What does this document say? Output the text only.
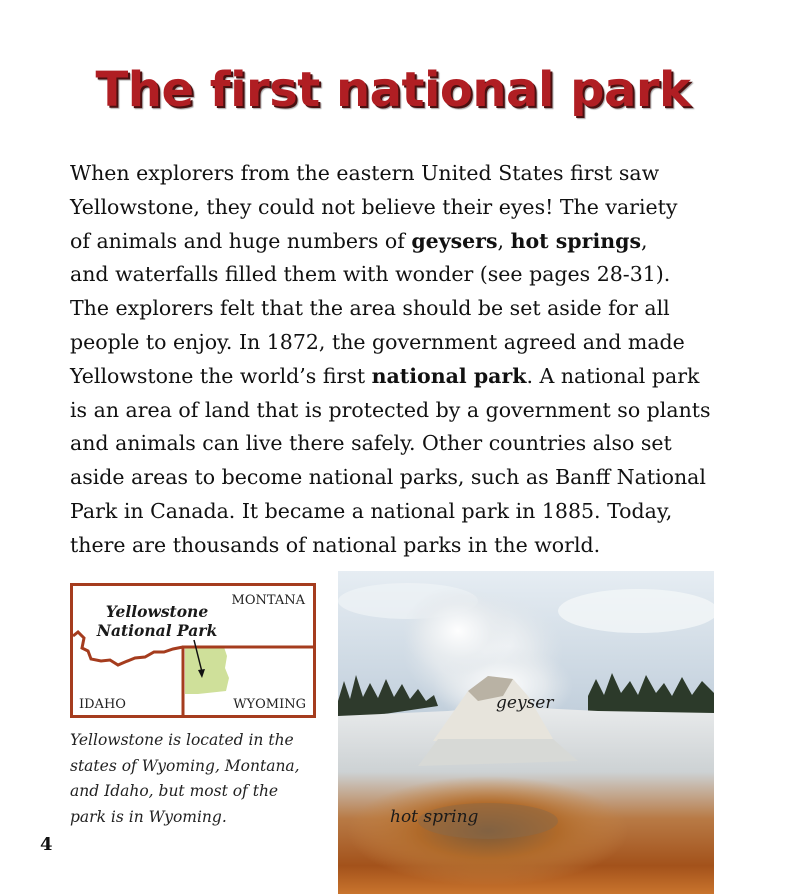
The first national park

When explorers from the eastern United States first saw
Yellowstone, they could not believe their eyes! The variety
of animals and huge numbers of geysers, hot springs,
and waterfalls filled them with wonder (see pages 28-31).
The explorers felt that the area should be set aside for all
people to enjoy. In 1872, the government agreed and made
Yellowstone the world’s first national park. A national park
is an area of land that is protected by a government so plants
and animals can live there safely. Other countries also set
aside areas to become national parks, such as Banff National
Park in Canada. It became a national park in 1885. Today,
there are thousands of national parks in the world.

Yellowstone
National Park
MONTANA
IDAHO	WYOMING
Yellowstone is located in the
states of Wyoming, Montana,
and Idaho, but most of the
park is in Wyoming.
4
geyser
hot spring
